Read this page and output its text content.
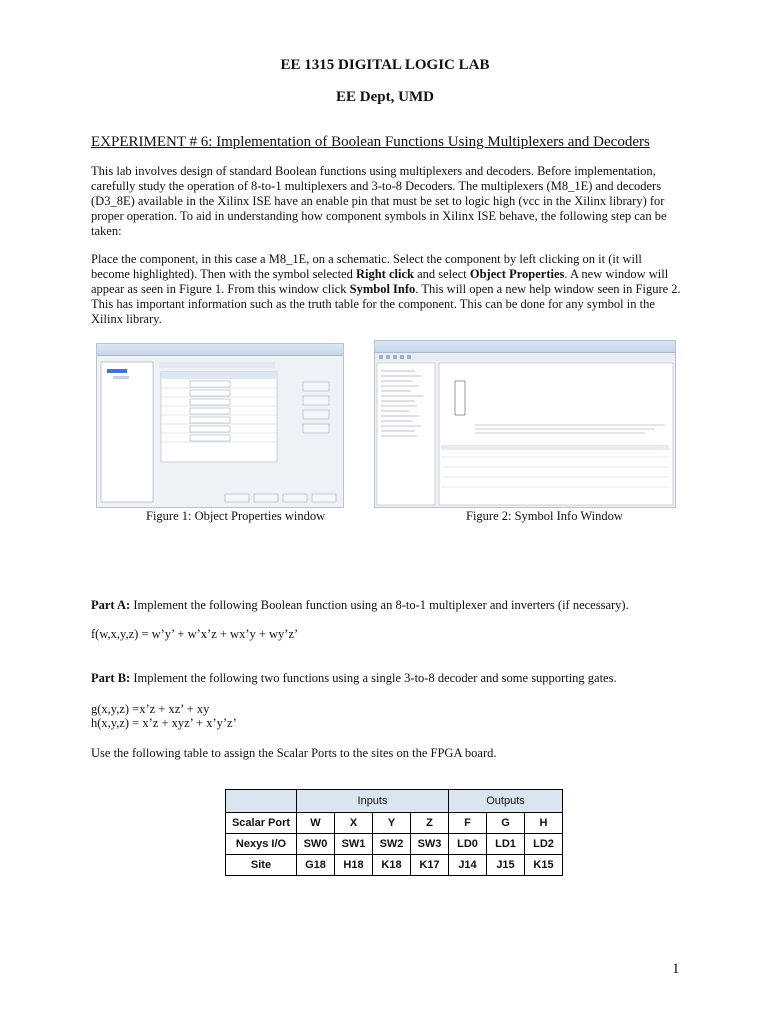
EE 1315 DIGITAL LOGIC LAB
EE Dept, UMD
EXPERIMENT # 6: Implementation of Boolean Functions Using Multiplexers and Decoders
This lab involves design of standard Boolean functions using multiplexers and decoders. Before implementation, carefully study the operation of 8-to-1 multiplexers and 3-to-8 Decoders. The multiplexers (M8_1E) and decoders (D3_8E) available in the Xilinx ISE have an enable pin that must be set to logic high (vcc in the Xilinx library) for proper operation. To aid in understanding how component symbols in Xilinx ISE behave, the following step can be taken:
Place the component, in this case a M8_1E, on a schematic. Select the component by left clicking on it (it will become highlighted). Then with the symbol selected Right click and select Object Properties. A new window will appear as seen in Figure 1. From this window click Symbol Info. This will open a new help window seen in Figure 2. This has important information such as the truth table for the component. This can be done for any symbol in the Xilinx library.
Figure 1: Object Properties window	Figure 2: Symbol Info Window
Part A: Implement the following Boolean function using an 8-to-1 multiplexer and inverters (if necessary).
f(w,x,y,z) = w’y’ + w’x’z + wx’y + wy’z’
Part B: Implement the following two functions using a single 3-to-8 decoder and some supporting gates.
g(x,y,z) =x’z + xz’ + xy
h(x,y,z) = x’z + xyz’ + x’y’z’
Use the following table to assign the Scalar Ports to the sites on the FPGA board.
	Inputs				Outputs		
Scalar Port	W	X	Y	Z	F	G	H
Nexys I/O	SW0	SW1	SW2	SW3	LD0	LD1	LD2
Site	G18	H18	K18	K17	J14	J15	K15
1
